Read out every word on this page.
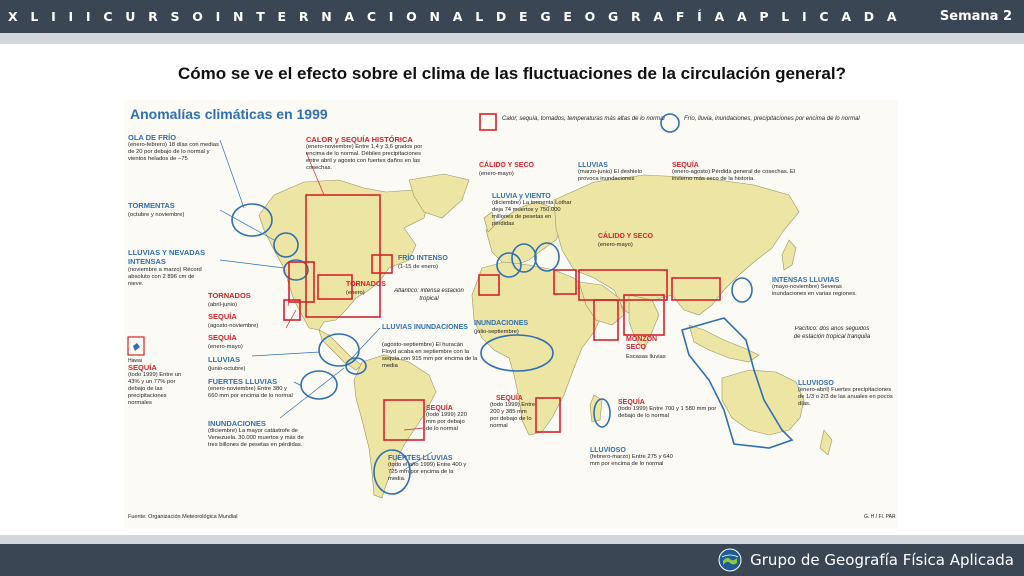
X L I I I C U R S O I N T E R N A C I O N A L D E G E O G R A F Í A A P L I C A D A	Semana 2
Cómo se ve el efecto sobre el clima de las fluctuaciones de la circulación general?
Anomalías climáticas en 1999	Calor, sequía, tornados, temperaturas más altas de lo normal	Frío, lluvia, inundaciones, precipitaciones por encima de lo normal
Hawai
OLA DE FRÍO
(enero-febrero) 18 días con medias de 20 por debajo de lo normal y vientos helados de −75
TORMENTAS
(octubre y noviembre)
LLUVIAS Y NEVADAS INTENSAS
(noviembre a marzo) Récord absoluto con 2 896 cm de nieve.
SEQUÍA
(todo 1999) Entre un 43% y un 77% por debajo de las precipitaciones normales
CALOR y SEQUÍA HISTÓRICA
(enero-noviembre) Entre 1,4 y 3,6 grados por encima de lo normal. Débiles precipitaciones entre abril y agosto con fuertes daños en las cosechas.
TORNADOS
(abril-junio)
SEQUÍA
(agosto-noviembre)
SEQUÍA
(enero-mayo)
LLUVIAS
(junio-octubre)
FUERTES LLUVIAS
(enero-noviembre) Entre 380 y 660 mm por encima de lo normal
INUNDACIONES
(diciembre) La mayor catástrofe de Venezuela. 30.000 muertos y más de tres billones de pesetas en pérdidas.
FRÍO INTENSO
(1-15 de enero)
TORNADOS
(enero)	Atlántico: intensa estación tropical
LLUVIAS INUNDACIONES
(agosto-septiembre) El huracán Floyd acaba en septiembre con la sequía con 915 mm por encima de la media
SEQUÍA
(todo 1999) 220 mm por debajo de lo normal
FUERTES LLUVIAS
(todo el año 1999) Entre 400 y 725 mm por encima de la media.
CÁLIDO Y SECO
(enero-mayo)
LLUVIAS
(marzo-junio) El deshielo provoca inundaciones
LLUVIA y VIENTO
(diciembre) La tormenta Lothar deja 74 muertos y 750.000 millones de pesetas en pérdidas
SEQUÍA
(enero-agosto) Pérdida general de cosechas. El invierno más seco de la historia.
CÁLIDO Y SECO
(enero-mayo)
INTENSAS LLUVIAS
(mayo-noviembre) Severas inundaciones en varias regiones.
Pacífico: dos años seguidos de estación tropical tranquila
INUNDACIONES
(julio-septiembre)
MONZÓN SECO
Escasas lluvias
SEQUÍA
(todo 1999) Entre 200 y 385 mm por debajo de lo normal
SEQUÍA
(todo 1999) Entre 700 y 1 580 mm por debajo de lo normal
LLUVIOSO
(febrero-marzo) Entre 275 y 640 mm por encima de lo normal
LLUVIOSO
(enero-abril) Fuertes precipitaciones de 1/3 o 2/3 de las anuales en pocos días.
Fuente: Organización Meteorológica Mundial	G. H / FI. PAR
Grupo de Geografía Física Aplicada
